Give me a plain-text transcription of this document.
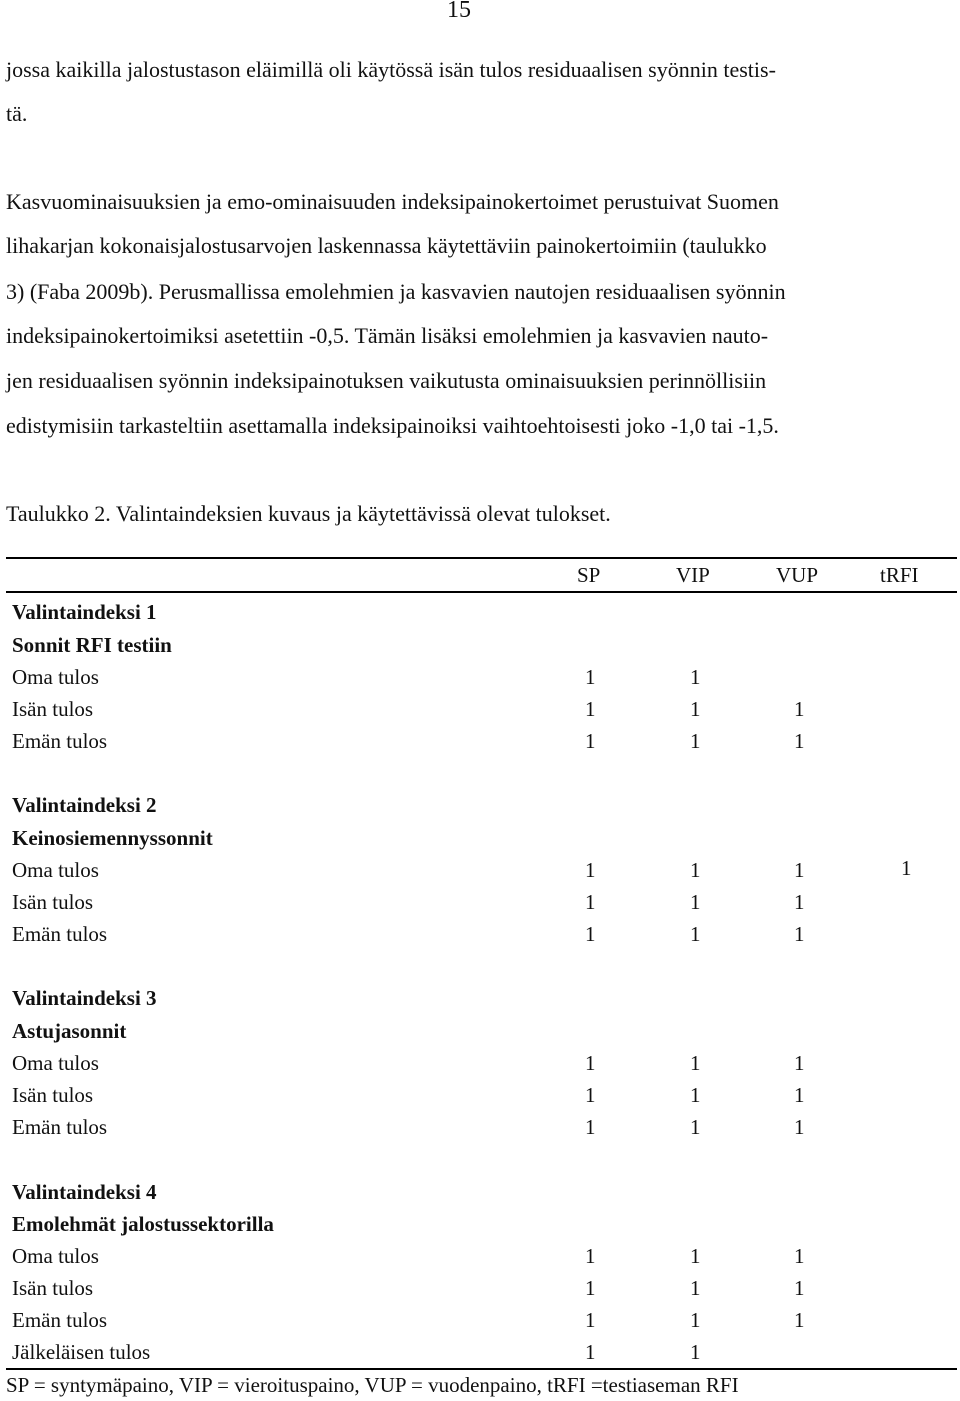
15
jossa kaikilla jalostustason eläimillä oli käytössä isän tulos residuaalisen syönnin testis-
tä.
Kasvuominaisuuksien ja emo-ominaisuuden indeksipainokertoimet perustuivat Suomen
lihakarjan kokonaisjalostusarvojen laskennassa käytettäviin painokertoimiin (taulukko
3) (Faba 2009b). Perusmallissa emolehmien ja kasvavien nautojen residuaalisen syönnin
indeksipainokertoimiksi asetettiin -0,5. Tämän lisäksi emolehmien ja kasvavien nauto-
jen residuaalisen syönnin indeksipainotuksen vaikutusta ominaisuuksien perinnöllisiin
edistymisiin tarkasteltiin asettamalla indeksipainoiksi vaihtoehtoisesti joko -1,0 tai -1,5.
Taulukko 2. Valintaindeksien kuvaus ja käytettävissä olevat tulokset.
SP	VIP	VUP	tRFI
Valintaindeksi 1
Sonnit RFI testiin
Oma tulos	1	1
Isän tulos	1	1	1
Emän tulos	1	1	1
Valintaindeksi 2
Keinosiemennyssonnit
Oma tulos	1	1	1	1
Isän tulos	1	1	1
Emän tulos	1	1	1
Valintaindeksi 3
Astujasonnit
Oma tulos	1	1	1
Isän tulos	1	1	1
Emän tulos	1	1	1
Valintaindeksi 4
Emolehmät jalostussektorilla
Oma tulos	1	1	1
Isän tulos	1	1	1
Emän tulos	1	1	1
Jälkeläisen tulos	1	1
SP = syntymäpaino, VIP = vieroituspaino, VUP = vuodenpaino, tRFI =testiaseman RFI
